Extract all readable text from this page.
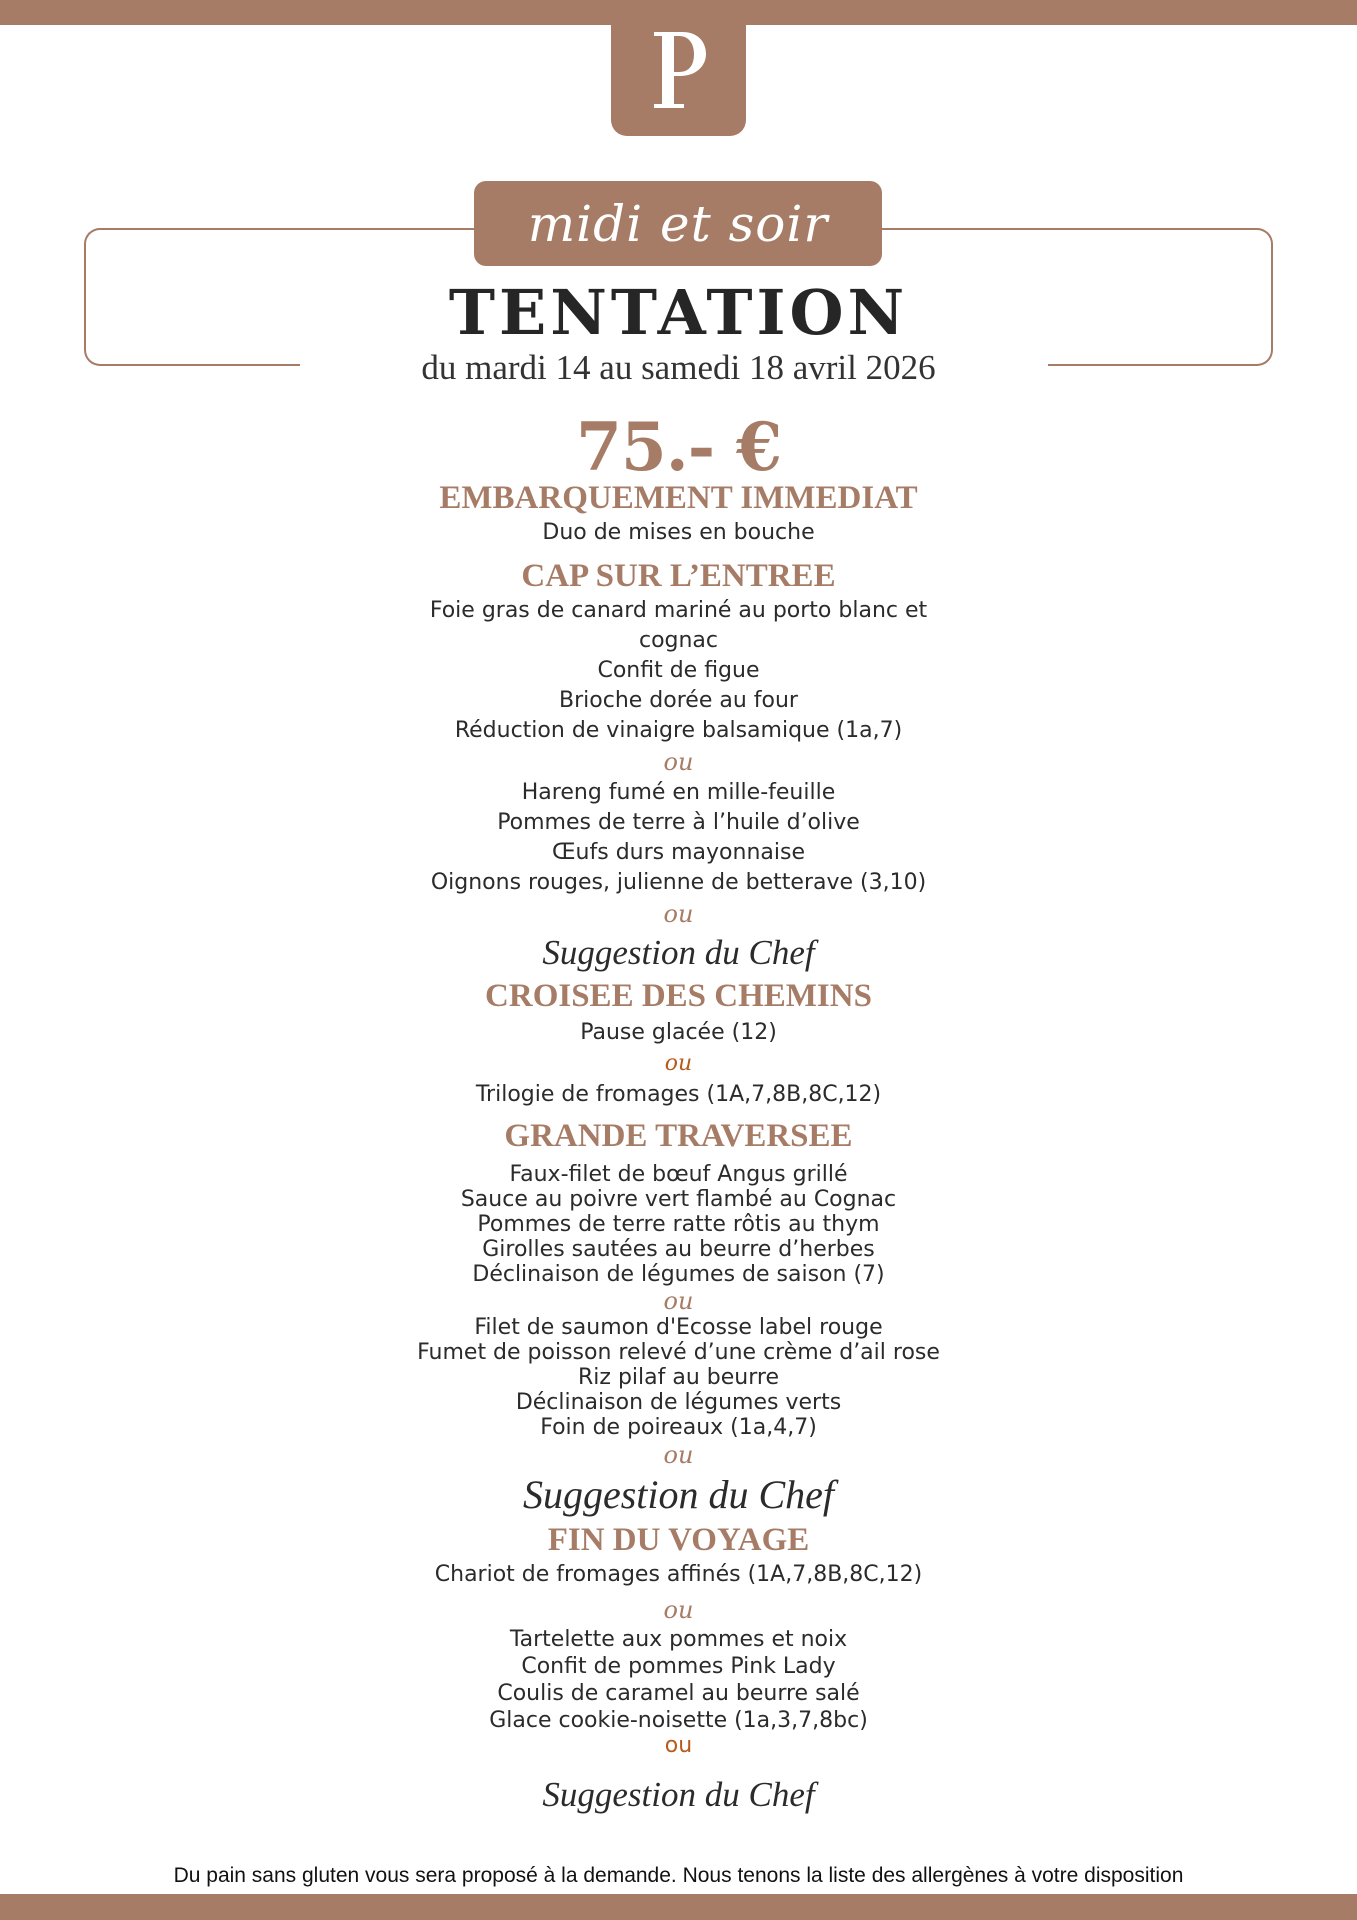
midi et soir
TENTATION
du mardi 14 au samedi 18 avril 2026
75.- €

EMBARQUEMENT IMMEDIAT

Duo de mises en bouche

CAP SUR L’ENTREE

Foie gras de canard mariné au porto blanc et

cognac

Confit de figue

Brioche dorée au four

Réduction de vinaigre balsamique (1a,7)

ou

Hareng fumé en mille-feuille

Pommes de terre à l’huile d’olive

Œufs durs mayonnaise

Oignons rouges, julienne de betterave (3,10)

ou

Suggestion du Chef

CROISEE DES CHEMINS

Pause glacée (12)

ou

Trilogie de fromages (1A,7,8B,8C,12)

GRANDE TRAVERSEE

Faux-filet de bœuf Angus grillé

Sauce au poivre vert flambé au Cognac

Pommes de terre ratte rôtis au thym

Girolles sautées au beurre d’herbes

Déclinaison de légumes de saison (7)

ou

Filet de saumon d'Ecosse label rouge

Fumet de poisson relevé d’une crème d’ail rose

Riz pilaf au beurre

Déclinaison de légumes verts

Foin de poireaux (1a,4,7)

ou

Suggestion du Chef

FIN DU VOYAGE

Chariot de fromages affinés (1A,7,8B,8C,12)

ou

Tartelette aux pommes et noix

Confit de pommes Pink Lady

Coulis de caramel au beurre salé

Glace cookie-noisette (1a,3,7,8bc)

ou

Suggestion du Chef

Du pain sans gluten vous sera proposé à la demande. Nous tenons la liste des allergènes à votre disposition
